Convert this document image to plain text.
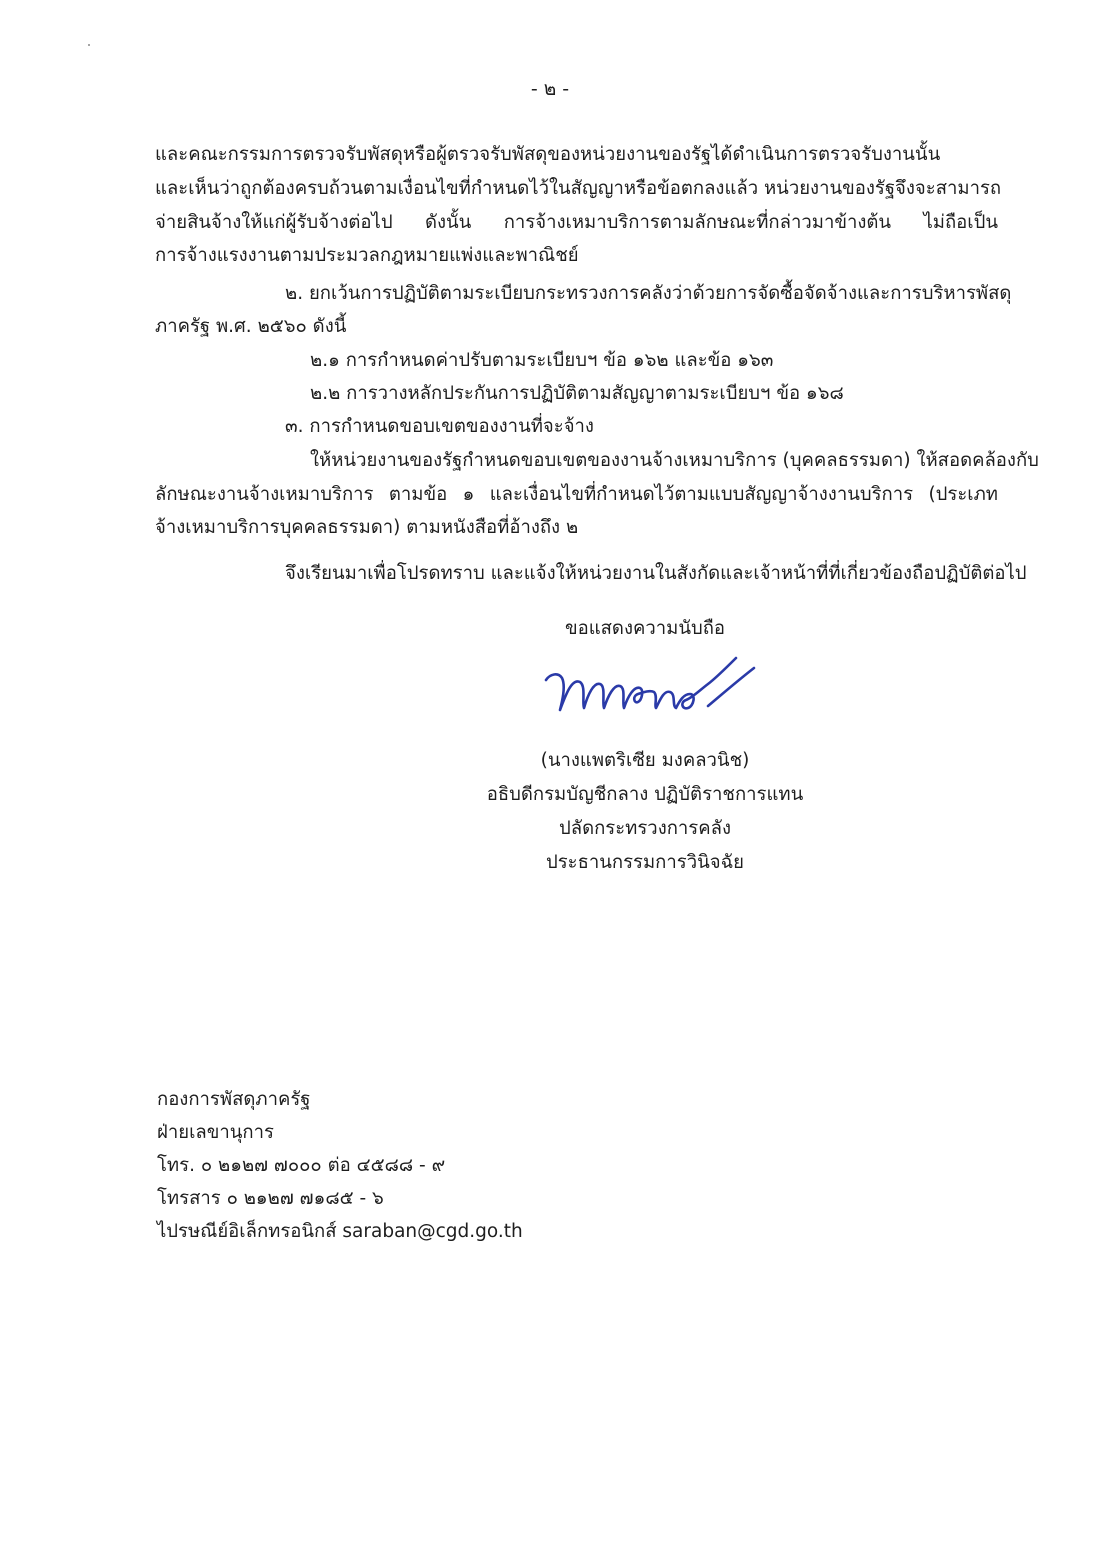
- ๒ -
และคณะกรรมการตรวจรับพัสดุหรือผู้ตรวจรับพัสดุของหน่วยงานของรัฐได้ดำเนินการตรวจรับงานนั้น
และเห็นว่าถูกต้องครบถ้วนตามเงื่อนไขที่กำหนดไว้ในสัญญาหรือข้อตกลงแล้ว หน่วยงานของรัฐจึงจะสามารถ
จ่ายสินจ้างให้แก่ผู้รับจ้างต่อไป ดังนั้น การจ้างเหมาบริการตามลักษณะที่กล่าวมาข้างต้น ไม่ถือเป็น
การจ้างแรงงานตามประมวลกฎหมายแพ่งและพาณิชย์
๒. ยกเว้นการปฏิบัติตามระเบียบกระทรวงการคลังว่าด้วยการจัดซื้อจัดจ้างและการบริหารพัสดุ
ภาครัฐ พ.ศ. ๒๕๖๐ ดังนี้
๒.๑ การกำหนดค่าปรับตามระเบียบฯ ข้อ ๑๖๒ และข้อ ๑๖๓
๒.๒ การวางหลักประกันการปฏิบัติตามสัญญาตามระเบียบฯ ข้อ ๑๖๘
๓. การกำหนดขอบเขตของงานที่จะจ้าง
ให้หน่วยงานของรัฐกำหนดขอบเขตของงานจ้างเหมาบริการ (บุคคลธรรมดา) ให้สอดคล้องกับ
ลักษณะงานจ้างเหมาบริการ ตามข้อ ๑ และเงื่อนไขที่กำหนดไว้ตามแบบสัญญาจ้างงานบริการ (ประเภท
จ้างเหมาบริการบุคคลธรรมดา) ตามหนังสือที่อ้างถึง ๒
จึงเรียนมาเพื่อโปรดทราบ และแจ้งให้หน่วยงานในสังกัดและเจ้าหน้าที่ที่เกี่ยวข้องถือปฏิบัติต่อไป
ขอแสดงความนับถือ
(นางแพตริเซีย มงคลวนิช)
อธิบดีกรมบัญชีกลาง ปฏิบัติราชการแทน
ปลัดกระทรวงการคลัง
ประธานกรรมการวินิจฉัย
กองการพัสดุภาครัฐ
ฝ่ายเลขานุการ
โทร. ๐ ๒๑๒๗ ๗๐๐๐ ต่อ ๔๕๘๘ - ๙
โทรสาร ๐ ๒๑๒๗ ๗๑๘๕ - ๖
ไปรษณีย์อิเล็กทรอนิกส์ saraban@cgd.go.th
